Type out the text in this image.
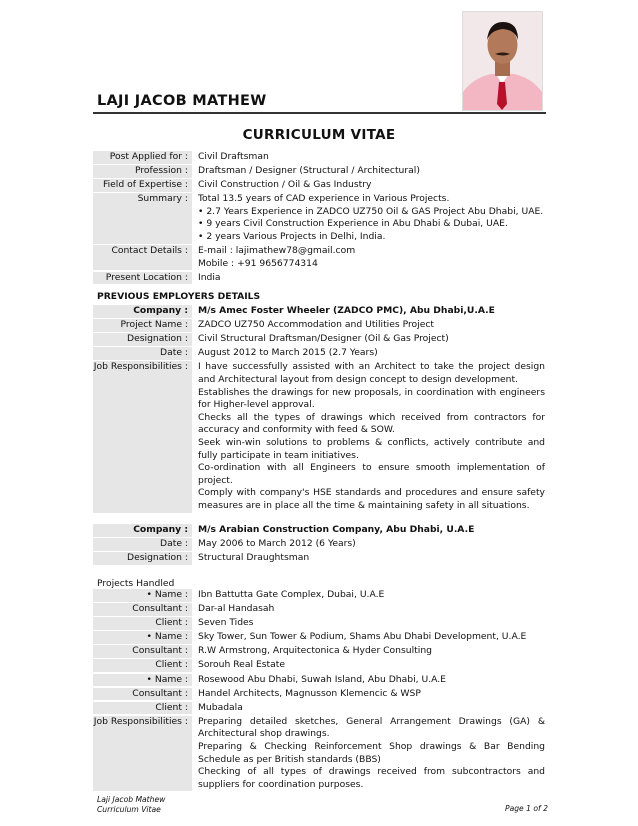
LAJI JACOB MATHEW
CURRICULUM VITAE
Post Applied for :	Civil Draftsman
Profession :	Draftsman / Designer (Structural / Architectural)
Field of Expertise :	Civil Construction / Oil & Gas Industry
Summary :	Total 13.5 years of CAD experience in Various Projects.
• 2.7 Years Experience in ZADCO UZ750 Oil & GAS Project Abu Dhabi, UAE.
• 9 years Civil Construction Experience in Abu Dhabi & Dubai, UAE.
• 2 years Various Projects in Delhi, India.
Contact Details :	E-mail : lajimathew78@gmail.com
Mobile : +91 9656774314
Present Location :	India
PREVIOUS EMPLOYERS DETAILS
Company :	M/s Amec Foster Wheeler (ZADCO PMC), Abu Dhabi,U.A.E
Project Name :	ZADCO UZ750 Accommodation and Utilities Project
Designation :	Civil Structural Draftsman/Designer (Oil & Gas Project)
Date :	August 2012 to March 2015 (2.7 Years)
Job Responsibilities :	I have successfully assisted with an Architect to take the project design and Architectural layout from design concept to design development.
Establishes the drawings for new proposals, in coordination with engineers for Higher-level approval.
Checks all the types of drawings which received from contractors for accuracy and conformity with feed & SOW.
Seek win-win solutions to problems & conflicts, actively contribute and fully participate in team initiatives.
Co-ordination with all Engineers to ensure smooth implementation of project.
Comply with company's HSE standards and procedures and ensure safety measures are in place all the time & maintaining safety in all situations.
Company :	M/s Arabian Construction Company, Abu Dhabi, U.A.E
Date :	May 2006 to March 2012 (6 Years)
Designation :	Structural Draughtsman
Projects Handled
• Name :	Ibn Battutta Gate Complex, Dubai, U.A.E
Consultant :	Dar-al Handasah
Client :	Seven Tides
• Name :	Sky Tower, Sun Tower & Podium, Shams Abu Dhabi Development, U.A.E
Consultant :	R.W Armstrong, Arquitectonica & Hyder Consulting
Client :	Sorouh Real Estate
• Name :	Rosewood Abu Dhabi, Suwah Island, Abu Dhabi, U.A.E
Consultant :	Handel Architects, Magnusson Klemencic & WSP
Client :	Mubadala
Job Responsibilities :	Preparing detailed sketches, General Arrangement Drawings (GA) & Architectural shop drawings.
Preparing & Checking Reinforcement Shop drawings & Bar Bending Schedule as per British standards (BBS)
Checking of all types of drawings received from subcontractors and suppliers for coordination purposes.
Laji Jacob Mathew
Curriculum Vitae	Page 1 of 2
